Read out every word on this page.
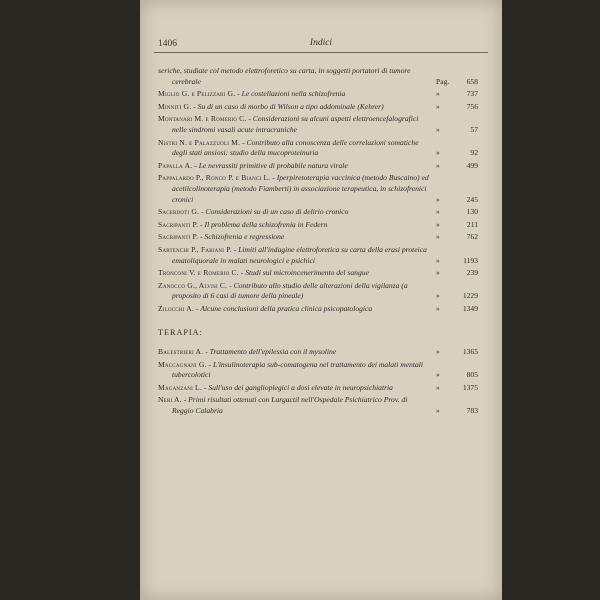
1406	Indici
seriche, studiate col metodo elettroforetico su carta, in soggetti portatori di tumore cerebrale	Pag. 658
Miglio G. e Pelizzari G. - Le costellazioni nella schizofrenia	»	737
Minniti G. - Su di un caso di morbo di Wilson a tipo addominale (Kehrer)	»	756
Montanari M. e Romerio C. - Considerazioni su alcuni aspetti elettroencefalografici nelle sindromi vasali acute intracraniche	»	57
Nistri N. e Palazzuoli M. - Contributo alla conoscenza delle correlazioni somatiche degli stati ansiosi: studio della mucoproteinuria	»	92
Papalla A. - Le nevrassiti primitive di probabile natura virale	»	499
Pappalardo P., Ronco P. e Bianci L. - Iperpiretoterapia vaccinica (metodo Buscaino) ed acetilcolinoterapia (metodo Fiamberti) in associazione terapeutica, in schizofrenici cronici	»	245
Sacerdoti G. - Considerazioni su di un caso di delirio cronico	»	130
Sacripanti P. - Il problema della schizofrenia in Federn	»	211
Sacripanti P. - Schizofrenia e regressione	»	762
Sartenchi P., Fabiani P. - Limiti all'indagine elettroforetica su carta della erasi proteica ematoliquorale in malati neurologici e psichici	»	1193
Tronconi V. e Romerio C. - Studi sul microincenerimento del sangue	»	239
Zanocco G., Alvisi C. - Contributo allo studio delle alterazioni della vigilanza (a proposito di 6 casi di tumore della pineale)	»	1229
Zilocchi A. - Alcune conclusioni della pratica clinica psicopatologica	»	1349
TERAPIA:
Balestrieri A. - Trattamento dell'epilessia con il mysoline	»	1365
Maccagnani G. - L'insulinoterapia sub-comatogena nel trattamento dei malati mentali tubercolotici	»	805
Maganzani L. - Sull'uso dei ganglioplegici a dosi elevate in neuropsichiatria	»	1375
Neri A. - Primi risultati ottenuti con Largactil nell'Ospedale Psichiatrico Prov. di Reggio Calabria	»	783
